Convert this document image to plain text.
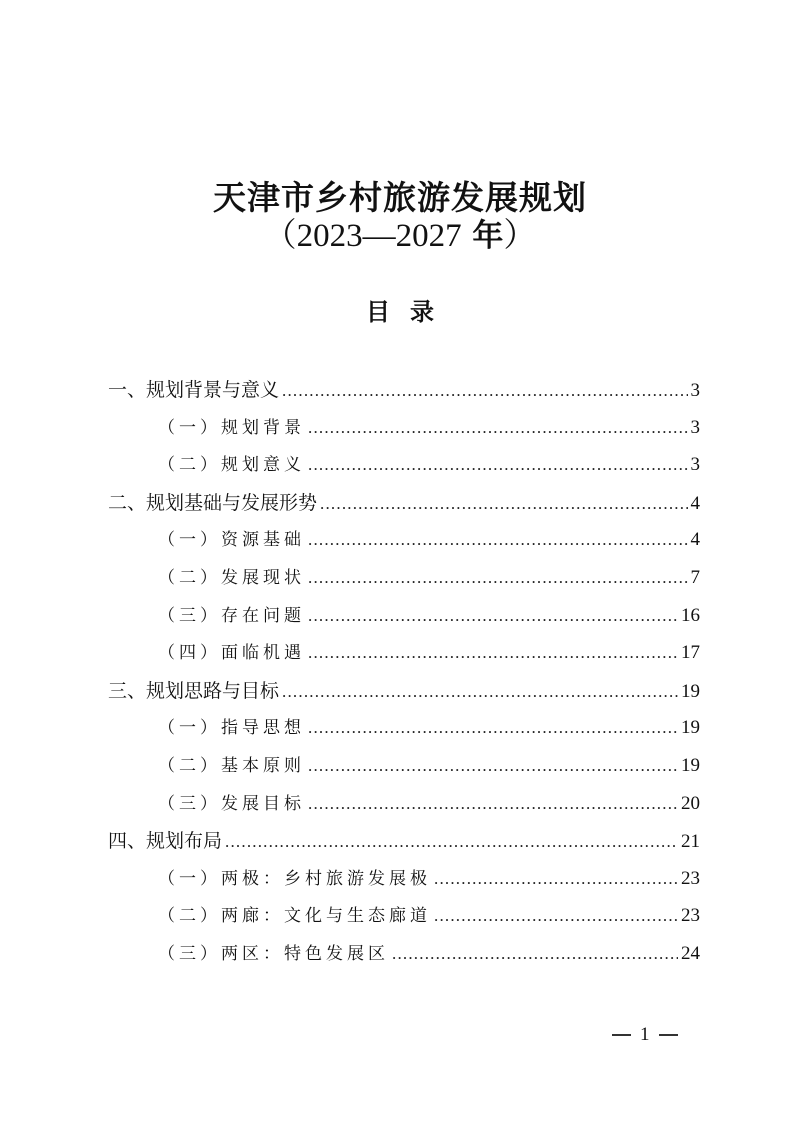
天津市乡村旅游发展规划
（2023—2027 年）
目录
一、规划背景与意义 .....	3
（一）规划背景 .....	3
（二）规划意义 .....	3
二、规划基础与发展形势 .....	4
（一）资源基础 .....	4
（二）发展现状 .....	7
（三）存在问题 .....	16
（四）面临机遇 .....	17
三、规划思路与目标 .....	19
（一）指导思想 .....	19
（二）基本原则 .....	19
（三）发展目标 .....	20
四、规划布局 .....	21
（一）两极：乡村旅游发展极 .....	23
（二）两廊：文化与生态廊道 .....	23
（三）两区：特色发展区 .....	24
1
